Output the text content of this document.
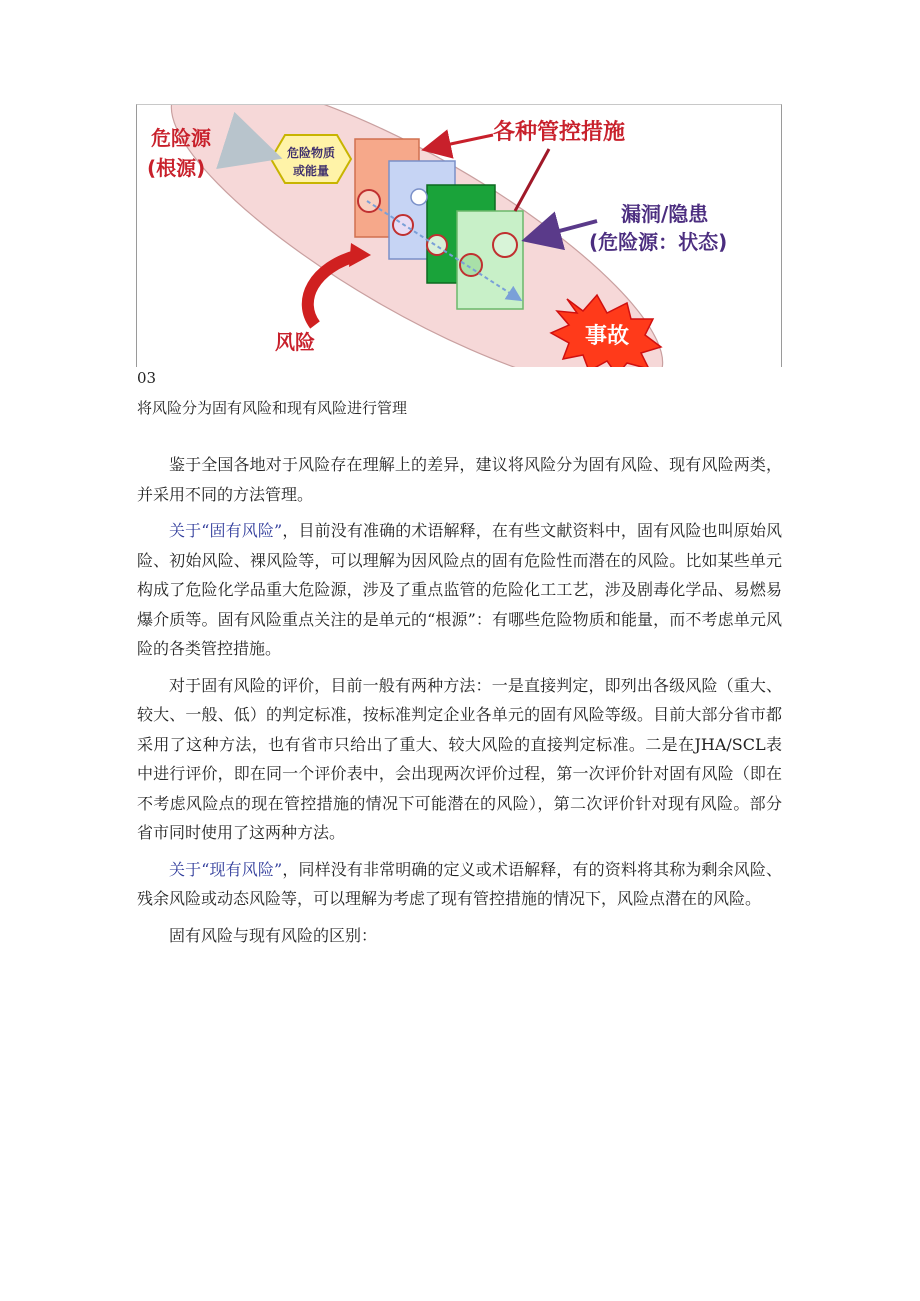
危险物质
或能量
危险源
(根源)
各种管控措施
漏洞/隐患
(危险源：状态)
风险	事故
03
将风险分为固有风险和现有风险进行管理

鉴于全国各地对于风险存在理解上的差异，建议将风险分为固有风险、现有风险两类，并采用不同的方法管理。

关于“固有风险”，目前没有准确的术语解释，在有些文献资料中，固有风险也叫原始风险、初始风险、裸风险等，可以理解为因风险点的固有危险性而潜在的风险。比如某些单元构成了危险化学品重大危险源，涉及了重点监管的危险化工工艺，涉及剧毒化学品、易燃易爆介质等。固有风险重点关注的是单元的“根源”：有哪些危险物质和能量，而不考虑单元风险的各类管控措施。

对于固有风险的评价，目前一般有两种方法：一是直接判定，即列出各级风险（重大、较大、一般、低）的判定标准，按标准判定企业各单元的固有风险等级。目前大部分省市都采用了这种方法，也有省市只给出了重大、较大风险的直接判定标准。二是在JHA/SCL表中进行评价，即在同一个评价表中，会出现两次评价过程，第一次评价针对固有风险（即在不考虑风险点的现在管控措施的情况下可能潜在的风险），第二次评价针对现有风险。部分省市同时使用了这两种方法。

关于“现有风险”，同样没有非常明确的定义或术语解释，有的资料将其称为剩余风险、残余风险或动态风险等，可以理解为考虑了现有管控措施的情况下，风险点潜在的风险。

固有风险与现有风险的区别：
